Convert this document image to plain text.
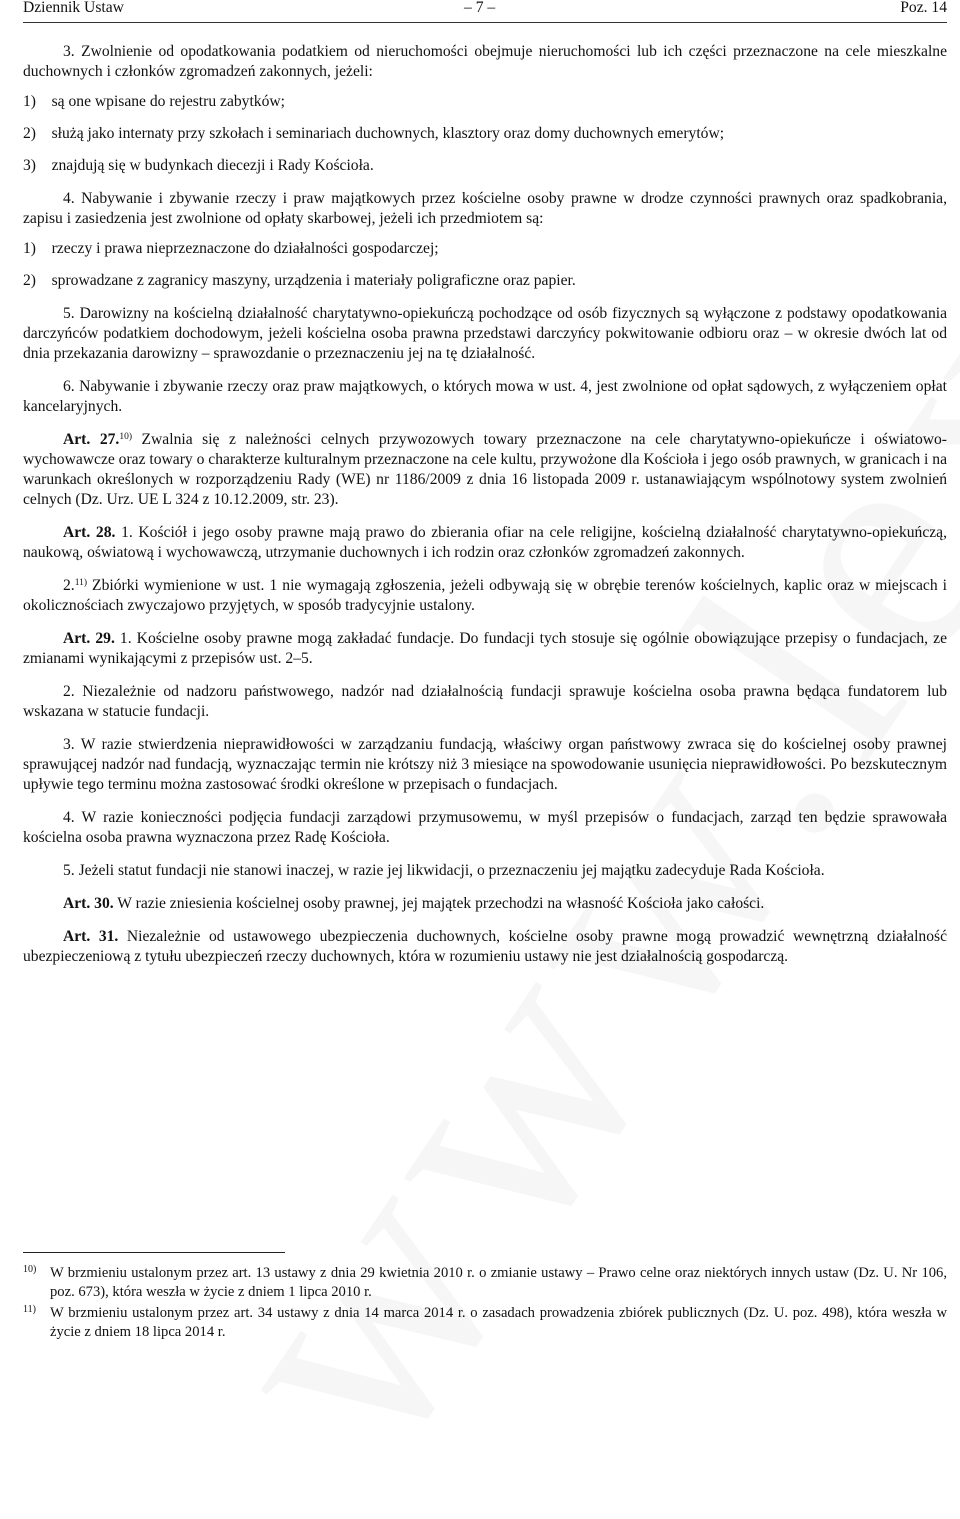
Dziennik Ustaw	– 7 –	Poz. 14

3. Zwolnienie od opodatkowania podatkiem od nieruchomości obejmuje nieruchomości lub ich części przeznaczone na cele mieszkalne duchownych i członków zgromadzeń zakonnych, jeżeli:

1)    są one wpisane do rejestru zabytków;

2)    służą jako internaty przy szkołach i seminariach duchownych, klasztory oraz domy duchownych emerytów;

3)    znajdują się w budynkach diecezji i Rady Kościoła.

4. Nabywanie i zbywanie rzeczy i praw majątkowych przez kościelne osoby prawne w drodze czynności prawnych oraz spadkobrania, zapisu i zasiedzenia jest zwolnione od opłaty skarbowej, jeżeli ich przedmiotem są:

1)    rzeczy i prawa nieprzeznaczone do działalności gospodarczej;

2)    sprowadzane z zagranicy maszyny, urządzenia i materiały poligraficzne oraz papier.

5. Darowizny na kościelną działalność charytatywno-opiekuńczą pochodzące od osób fizycznych są wyłączone z podstawy opodatkowania darczyńców podatkiem dochodowym, jeżeli kościelna osoba prawna przedstawi darczyńcy pokwitowanie odbioru oraz – w okresie dwóch lat od dnia przekazania darowizny – sprawozdanie o przeznaczeniu jej na tę działalność.

6. Nabywanie i zbywanie rzeczy oraz praw majątkowych, o których mowa w ust. 4, jest zwolnione od opłat sądowych, z wyłączeniem opłat kancelaryjnych.

Art. 27.$^{10)}$ Zwalnia się z należności celnych przywozowych towary przeznaczone na cele charytatywno-opiekuńcze i oświatowo-wychowawcze oraz towary o charakterze kulturalnym przeznaczone na cele kultu, przywożone dla Kościoła i jego osób prawnych, w granicach i na warunkach określonych w rozporządzeniu Rady (WE) nr 1186/2009 z dnia 16 listopada 2009 r. ustanawiającym wspólnotowy system zwolnień celnych (Dz. Urz. UE L 324 z 10.12.2009, str. 23).

Art. 28. 1. Kościół i jego osoby prawne mają prawo do zbierania ofiar na cele religijne, kościelną działalność charytatywno-opiekuńczą, naukową, oświatową i wychowawczą, utrzymanie duchownych i ich rodzin oraz członków zgromadzeń zakonnych.

2.$^{11)}$ Zbiórki wymienione w ust. 1 nie wymagają zgłoszenia, jeżeli odbywają się w obrębie terenów kościelnych, kaplic oraz w miejscach i okolicznościach zwyczajowo przyjętych, w sposób tradycyjnie ustalony.

Art. 29. 1. Kościelne osoby prawne mogą zakładać fundacje. Do fundacji tych stosuje się ogólnie obowiązujące przepisy o fundacjach, ze zmianami wynikającymi z przepisów ust. 2–5.

2. Niezależnie od nadzoru państwowego, nadzór nad działalnością fundacji sprawuje kościelna osoba prawna będąca fundatorem lub wskazana w statucie fundacji.

3. W razie stwierdzenia nieprawidłowości w zarządzaniu fundacją, właściwy organ państwowy zwraca się do kościelnej osoby prawnej sprawującej nadzór nad fundacją, wyznaczając termin nie krótszy niż 3 miesiące na spowodowanie usunięcia nieprawidłowości. Po bezskutecznym upływie tego terminu można zastosować środki określone w przepisach o fundacjach.

4. W razie konieczności podjęcia fundacji zarządowi przymusowemu, w myśl przepisów o fundacjach, zarząd ten będzie sprawowała kościelna osoba prawna wyznaczona przez Radę Kościoła.

5. Jeżeli statut fundacji nie stanowi inaczej, w razie jej likwidacji, o przeznaczeniu jej majątku zadecyduje Rada Kościoła.

Art. 30. W razie zniesienia kościelnej osoby prawnej, jej majątek przechodzi na własność Kościoła jako całości.

Art. 31. Niezależnie od ustawowego ubezpieczenia duchownych, kościelne osoby prawne mogą prowadzić wewnętrzną działalność ubezpieczeniową z tytułu ubezpieczeń rzeczy duchownych, która w rozumieniu ustawy nie jest działalnością gospodarczą.

10) W brzmieniu ustalonym przez art. 13 ustawy z dnia 29 kwietnia 2010 r. o zmianie ustawy – Prawo celne oraz niektórych innych ustaw (Dz. U. Nr 106, poz. 673), która weszła w życie z dniem 1 lipca 2010 r.
11) W brzmieniu ustalonym przez art. 34 ustawy z dnia 14 marca 2014 r. o zasadach prowadzenia zbiórek publicznych (Dz. U. poz. 498), która weszła w życie z dniem 18 lipca 2014 r.
